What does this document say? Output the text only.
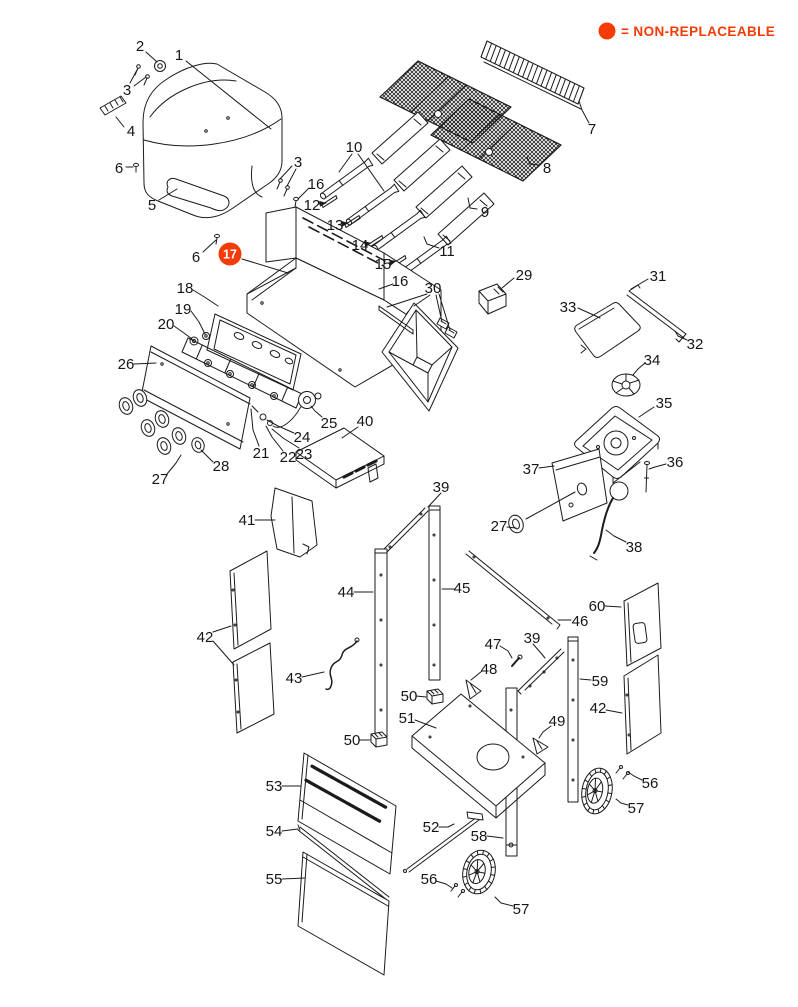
2
1
3
4
6
5
3
16
12
13
14
15
10
11
9
8
7
16
6
18
19
20
26
27
28
21 22 23
24
25
29
30
31
33
32
34
35
36
37
27
38
39
40
41
42
44	45
43
46
60
47
48
39
59
49
42
50
51
50
53
54	52
58
55	56
57
56
57
= NON-REPLACEABLE
17
